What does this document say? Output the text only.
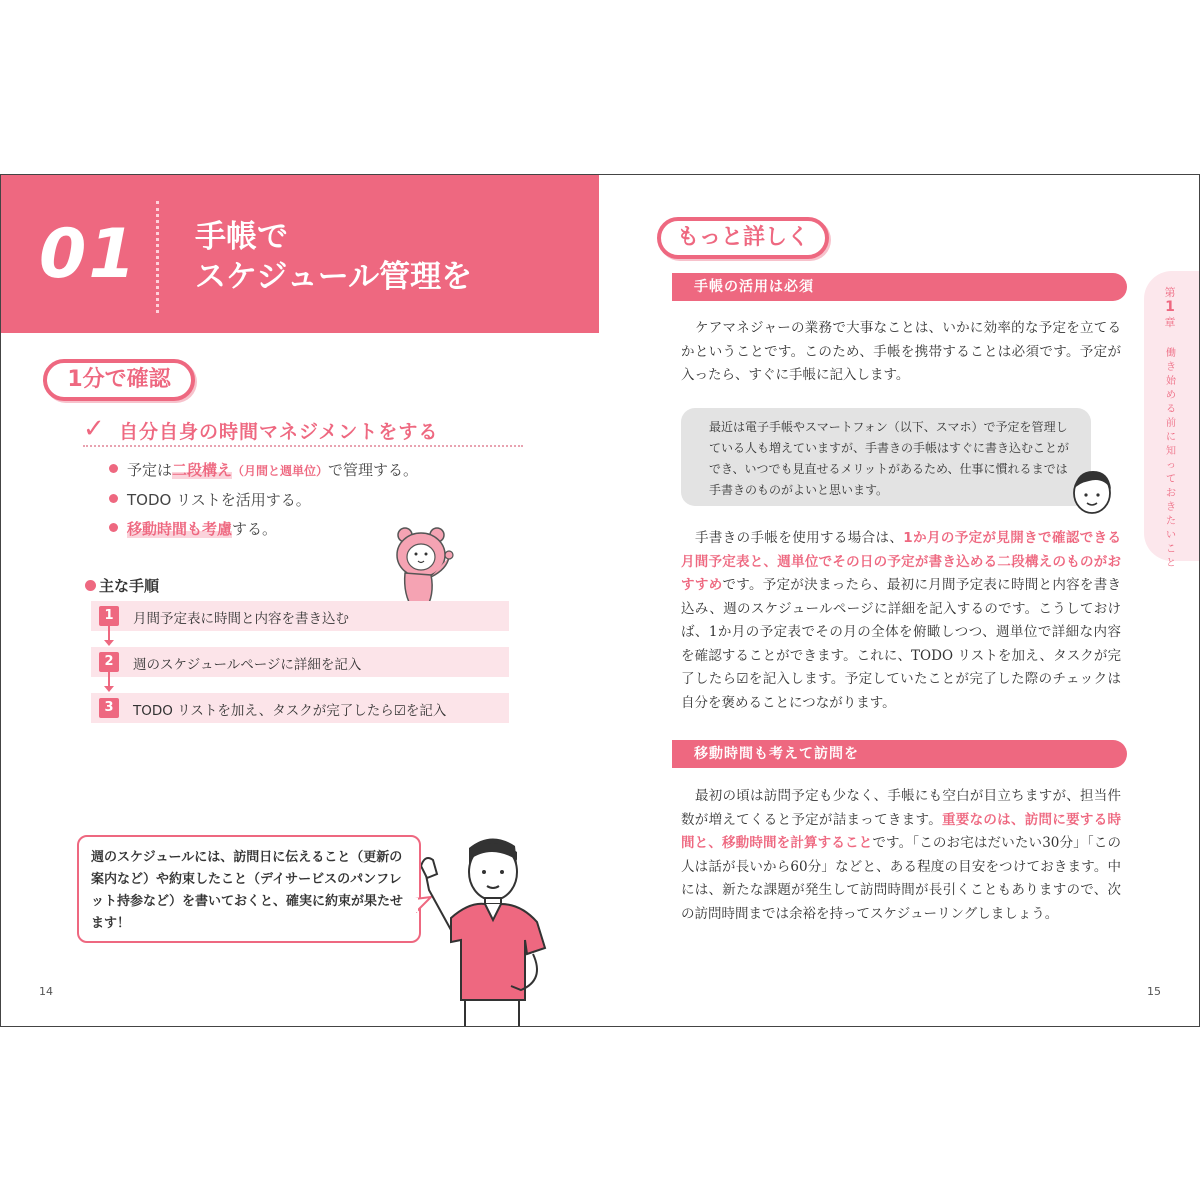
01 手帳で
スケジュール管理を
1分で確認
✓ 自分自身の時間マネジメントをする
予定は二段構え（月間と週単位）で管理する。
TODO リストを活用する。
移動時間も考慮する。
主な手順
1	月間予定表に時間と内容を書き込む
2	週のスケジュールページに詳細を記入
3	TODO リストを加え、タスクが完了したら☑を記入
週のスケジュールには、訪問日に伝えること（更新の案内など）や約束したこと（デイサービスのパンフレット持参など）を書いておくと、確実に約束が果たせます！
14
もっと詳しく
手帳の活用は必須
ケアマネジャーの業務で大事なことは、いかに効率的な予定を立てるかということです。このため、手帳を携帯することは必須です。予定が入ったら、すぐに手帳に記入します。
最近は電子手帳やスマートフォン（以下、スマホ）で予定を管理している人も増えていますが、手書きの手帳はすぐに書き込むことができ、いつでも見直せるメリットがあるため、仕事に慣れるまでは手書きのものがよいと思います。
手書きの手帳を使用する場合は、1か月の予定が見開きで確認できる月間予定表と、週単位でその日の予定が書き込める二段構えのものがおすすめです。予定が決まったら、最初に月間予定表に時間と内容を書き込み、週のスケジュールページに詳細を記入するのです。こうしておけば、1か月の予定表でその月の全体を俯瞰しつつ、週単位で詳細な内容を確認することができます。これに、TODO リストを加え、タスクが完了したら☑を記入します。予定していたことが完了した際のチェックは自分を褒めることにつながります。
移動時間も考えて訪問を
最初の頃は訪問予定も少なく、手帳にも空白が目立ちますが、担当件数が増えてくると予定が詰まってきます。重要なのは、訪問に要する時間と、移動時間を計算することです。「このお宅はだいたい30分」「この人は話が長いから60分」などと、ある程度の目安をつけておきます。中には、新たな課題が発生して訪問時間が長引くこともありますので、次の訪問時間までは余裕を持ってスケジューリングしましょう。
第
1
章
働き始める前に知っておきたいこと
15
